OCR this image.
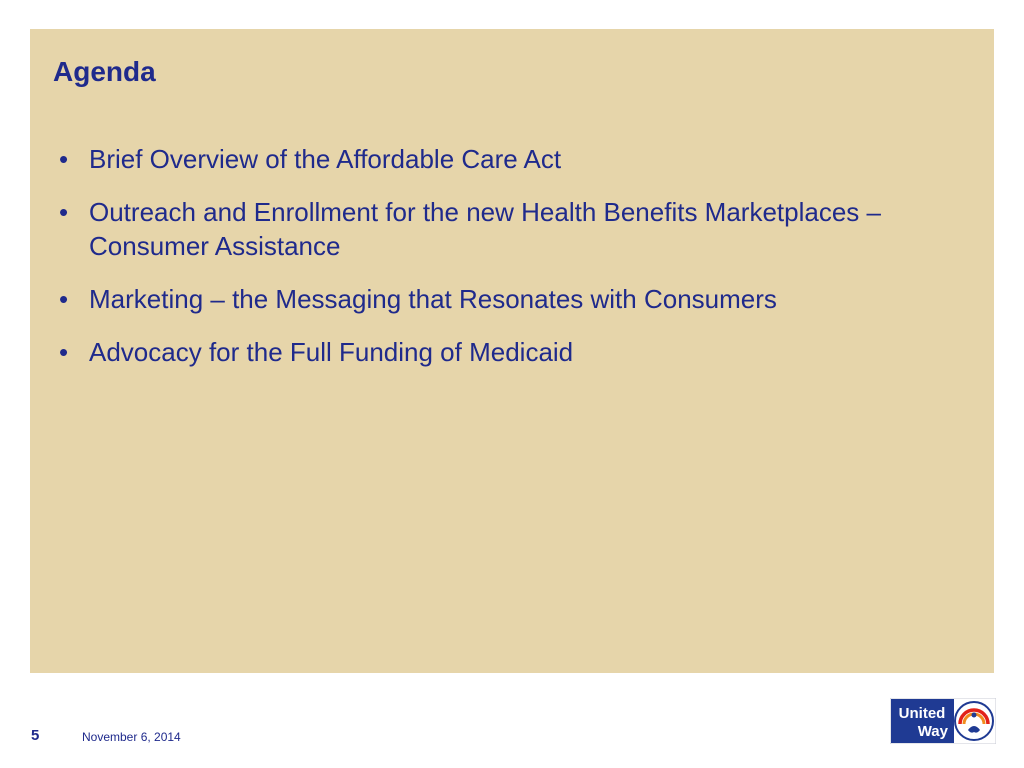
Agenda
• Brief Overview of the Affordable Care Act
• Outreach and Enrollment for the new Health Benefits Marketplaces – Consumer Assistance
• Marketing – the Messaging that Resonates with Consumers
• Advocacy for the Full Funding of Medicaid
5	November 6, 2014
United
Way
